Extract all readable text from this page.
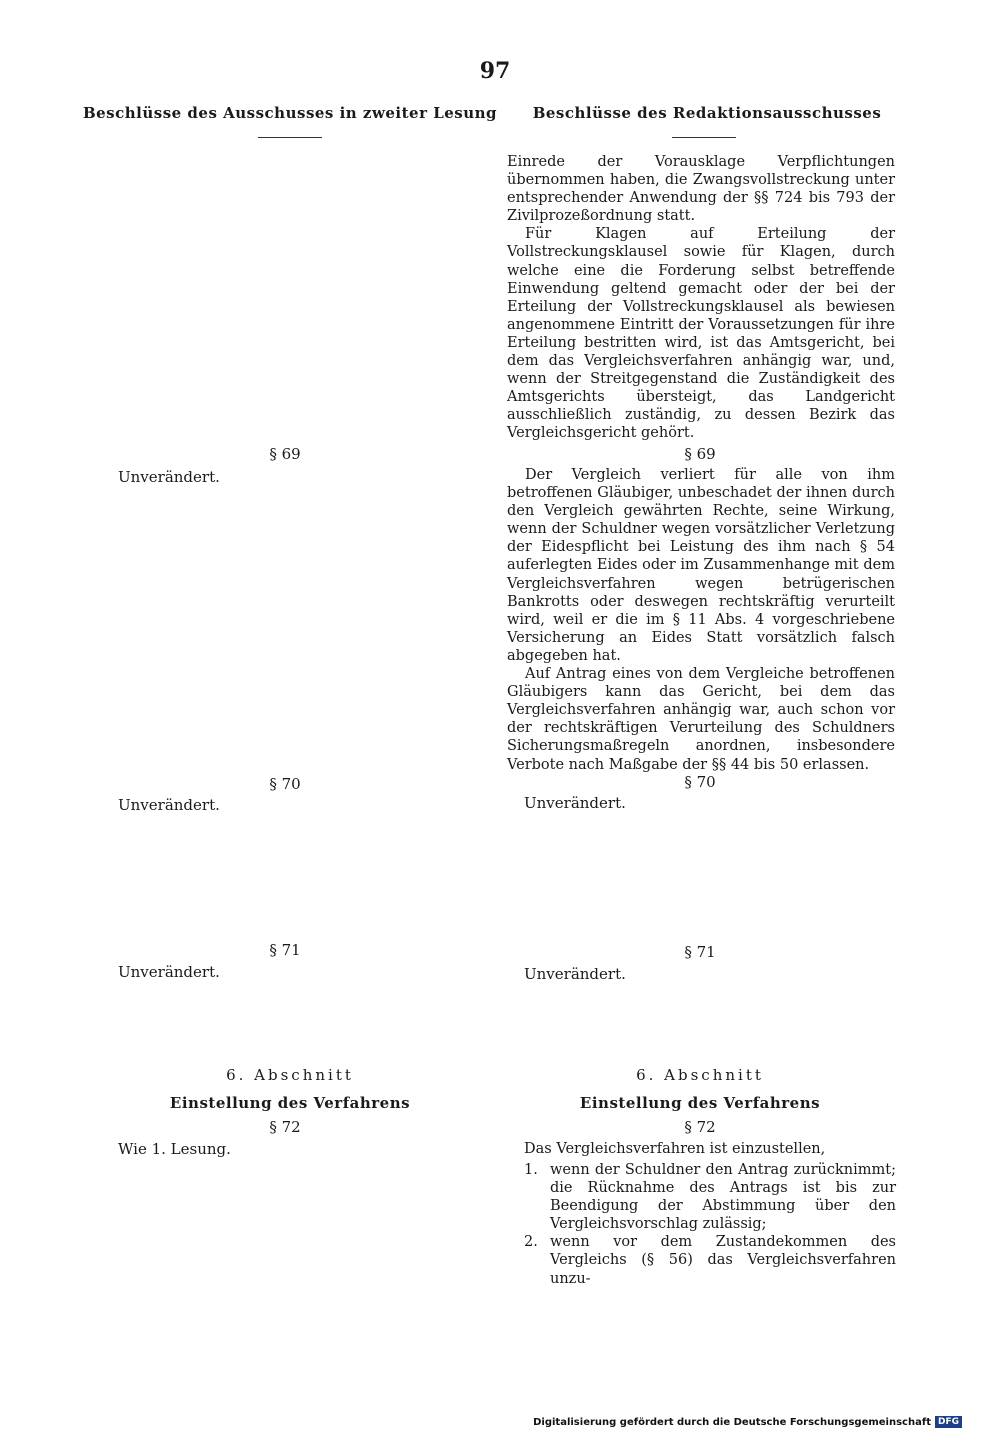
97
Beschlüsse des Ausschusses in zweiter Lesung	Beschlüsse des Redaktionsausschusses

Einrede der Vorausklage Verpflichtungen übernommen haben, die Zwangsvollstreckung unter entsprechender Anwendung der §§ 724 bis 793 der Zivilprozeßordnung statt.

Für Klagen auf Erteilung der Vollstreckungsklausel sowie für Klagen, durch welche eine die Forderung selbst betreffende Einwendung geltend gemacht oder der bei der Erteilung der Vollstreckungsklausel als bewiesen angenommene Eintritt der Voraussetzungen für ihre Erteilung bestritten wird, ist das Amtsgericht, bei dem das Vergleichsverfahren anhängig war, und, wenn der Streitgegenstand die Zuständigkeit des Amtsgerichts übersteigt, das Landgericht ausschließlich zuständig, zu dessen Bezirk das Vergleichsgericht gehört.

§ 69
Unverändert.
§ 69

Der Vergleich verliert für alle von ihm betroffenen Gläubiger, unbeschadet der ihnen durch den Vergleich gewährten Rechte, seine Wirkung, wenn der Schuldner wegen vorsätzlicher Verletzung der Eidespflicht bei Leistung des ihm nach § 54 auferlegten Eides oder im Zusammenhange mit dem Vergleichsverfahren wegen betrügerischen Bankrotts oder deswegen rechtskräftig verurteilt wird, weil er die im § 11 Abs. 4 vorgeschriebene Versicherung an Eides Statt vorsätzlich falsch abgegeben hat.

Auf Antrag eines von dem Vergleiche betroffenen Gläubigers kann das Gericht, bei dem das Vergleichsverfahren anhängig war, auch schon vor der rechtskräftigen Verurteilung des Schuldners Sicherungsmaßregeln anordnen, insbesondere Verbote nach Maßgabe der §§ 44 bis 50 erlassen.

§ 70
Unverändert.
§ 70
Unverändert.
§ 71
Unverändert.
§ 71
Unverändert.
6. Abschnitt
Einstellung des Verfahrens
§ 72
Wie 1. Lesung.
6. Abschnitt
Einstellung des Verfahrens
§ 72
Das Vergleichsverfahren ist einzustellen,
1. wenn der Schuldner den Antrag zurücknimmt; die Rücknahme des Antrags ist bis zur Beendigung der Abstimmung über den Vergleichsvorschlag zulässig;
2. wenn vor dem Zustandekommen des Vergleichs (§ 56) das Vergleichsverfahren unzu-
Digitalisierung gefördert durch die Deutsche Forschungsgemeinschaft DFG
